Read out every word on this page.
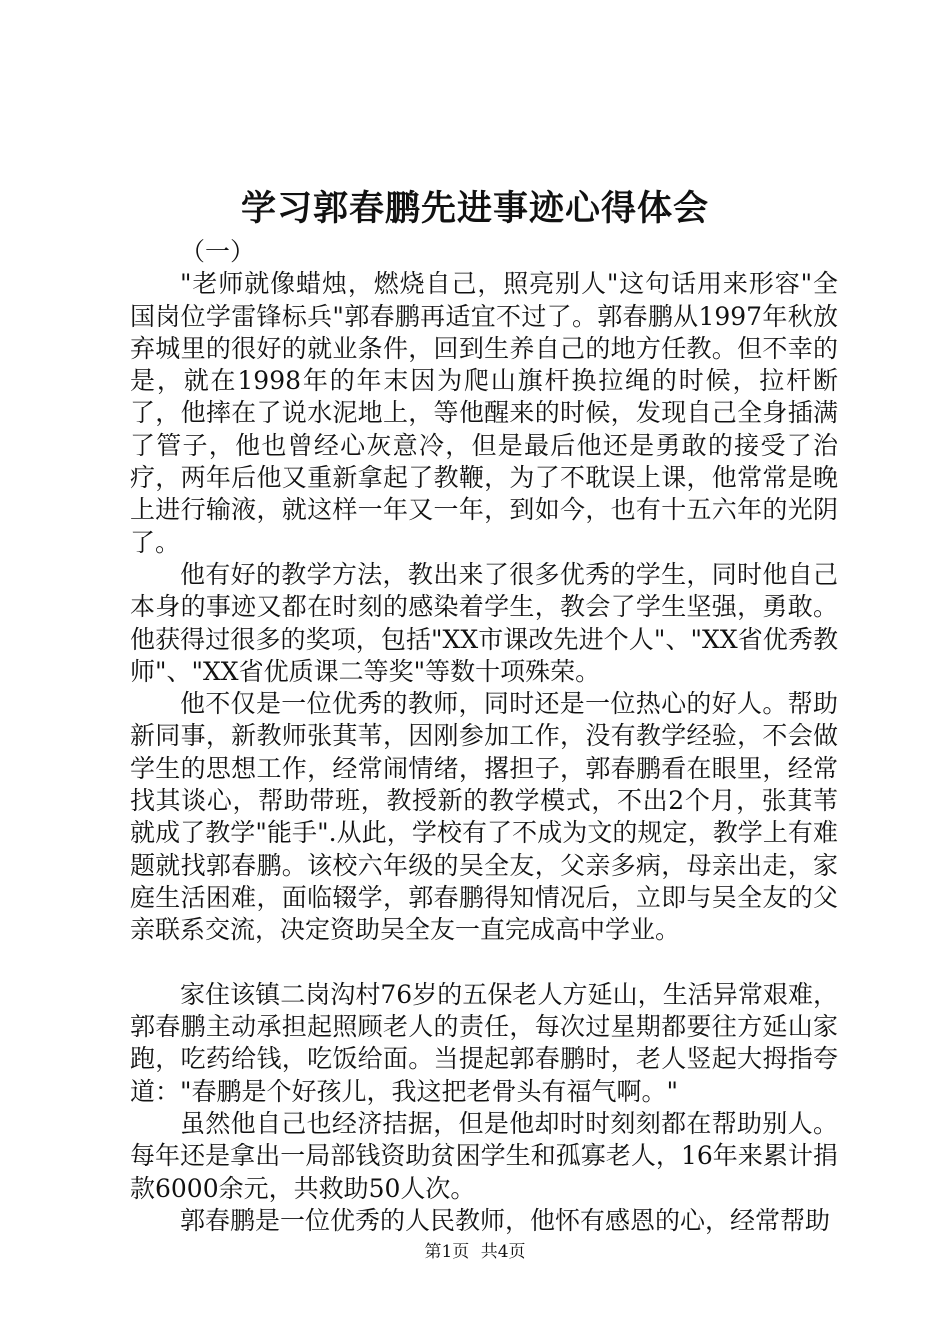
学习郭春鹏先进事迹心得体会

（一）

"老师就像蜡烛，燃烧自己，照亮别人"这句话用来形容"全国岗位学雷锋标兵"郭春鹏再适宜不过了。郭春鹏从1997年秋放弃城里的很好的就业条件，回到生养自己的地方任教。但不幸的是，就在1998年的年末因为爬山旗杆换拉绳的时候，拉杆断了，他摔在了说水泥地上，等他醒来的时候，发现自己全身插满了管子，他也曾经心灰意冷，但是最后他还是勇敢的接受了治疗，两年后他又重新拿起了教鞭，为了不耽误上课，他常常是晚上进行输液，就这样一年又一年，到如今，也有十五六年的光阴了。

他有好的教学方法，教出来了很多优秀的学生，同时他自己本身的事迹又都在时刻的感染着学生，教会了学生坚强，勇敢。他获得过很多的奖项，包括"XX市课改先进个人"、"XX省优秀教师"、"XX省优质课二等奖"等数十项殊荣。

他不仅是一位优秀的教师，同时还是一位热心的好人。帮助新同事，新教师张萁苇，因刚参加工作，没有教学经验，不会做学生的思想工作，经常闹情绪，撂担子，郭春鹏看在眼里，经常找其谈心，帮助带班，教授新的教学模式，不出2个月，张萁苇就成了教学"能手".从此，学校有了不成为文的规定，教学上有难题就找郭春鹏。该校六年级的吴全友，父亲多病，母亲出走，家庭生活困难，面临辍学，郭春鹏得知情况后，立即与吴全友的父亲联系交流，决定资助吴全友一直完成高中学业。

家住该镇二岗沟村76岁的五保老人方延山，生活异常艰难，郭春鹏主动承担起照顾老人的责任，每次过星期都要往方延山家跑，吃药给钱，吃饭给面。当提起郭春鹏时，老人竖起大拇指夸道："春鹏是个好孩儿，我这把老骨头有福气啊。"

虽然他自己也经济拮据，但是他却时时刻刻都在帮助别人。每年还是拿出一局部钱资助贫困学生和孤寡老人，16年来累计捐款6000余元，共救助50人次。

郭春鹏是一位优秀的人民教师，他怀有感恩的心，经常帮助

第1页 共4页
